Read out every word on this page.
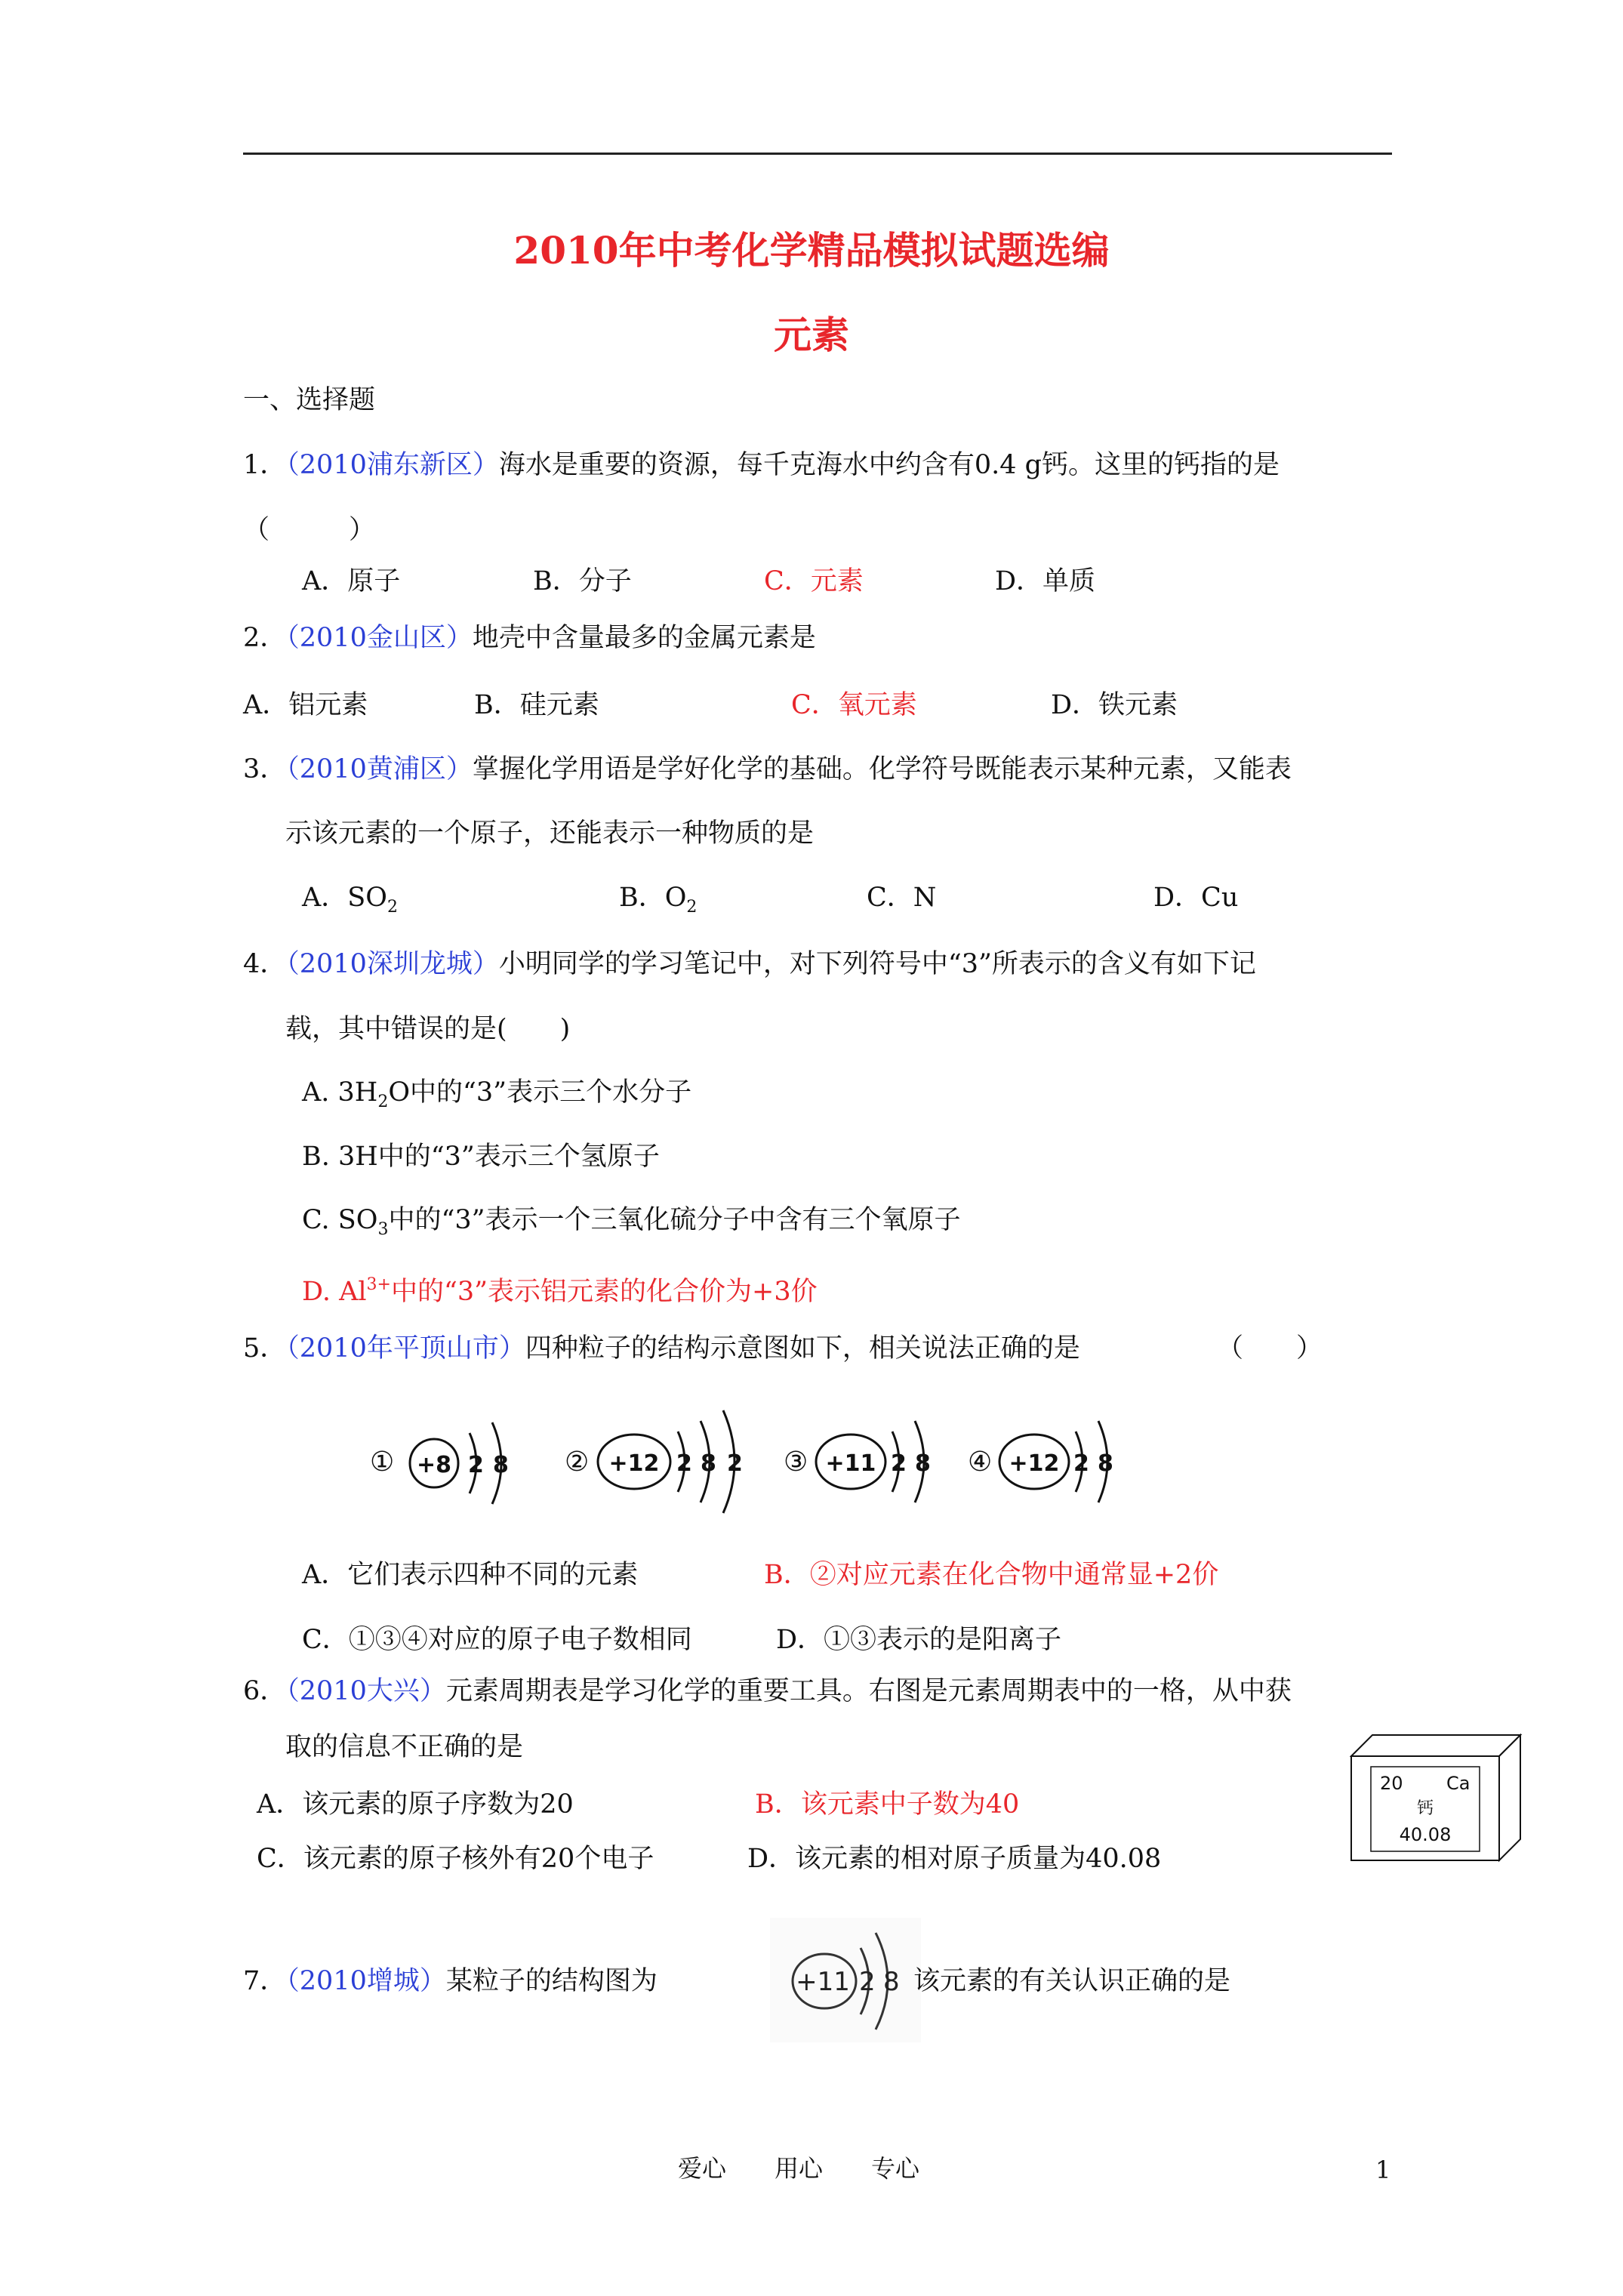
2010年中考化学精品模拟试题选编
元素
一、选择题
1．（2010浦东新区）海水是重要的资源，每千克海水中约含有0.4 g钙。这里的钙指的是
（　　　）
A．原子	B．分子	C．元素	D．单质
2．（2010金山区）地壳中含量最多的金属元素是
A．铝元素	B．硅元素	C．氧元素	D．铁元素
3．（2010黄浦区）掌握化学用语是学好化学的基础。化学符号既能表示某种元素，又能表
示该元素的一个原子，还能表示一种物质的是
A．$SO_2$	B．$O_2$	C．N	D．Cu
4．（2010深圳龙城）小明同学的学习笔记中，对下列符号中“3”所表示的含义有如下记
载，其中错误的是(　　)
A. $3H_2O$中的“3”表示三个水分子
B. 3H中的“3”表示三个氢原子
C. $SO_3$中的“3”表示一个三氧化硫分子中含有三个氧原子
D. $Al^{3+}$中的“3”表示铝元素的化合价为+3价
5．（2010年平顶山市）四种粒子的结构示意图如下，相关说法正确的是	（　　）
① +8 2 8 ② +12 2 8 2 ③ +11 2 8 ④ +12 2 8
A．它们表示四种不同的元素	B．②对应元素在化合物中通常显+2价
C．①③④对应的原子电子数相同	D．①③表示的是阳离子
6．（2010大兴）元素周期表是学习化学的重要工具。右图是元素周期表中的一格，从中获
取的信息不正确的是
A．该元素的原子序数为20	B．该元素中子数为40
C．该元素的原子核外有20个电子	D．该元素的相对原子质量为40.08
20 Ca
钙
40.08
7．（2010增城）某粒子的结构图为	+11 2 8 该元素的有关认识正确的是
爱心　　用心　　专心	1
